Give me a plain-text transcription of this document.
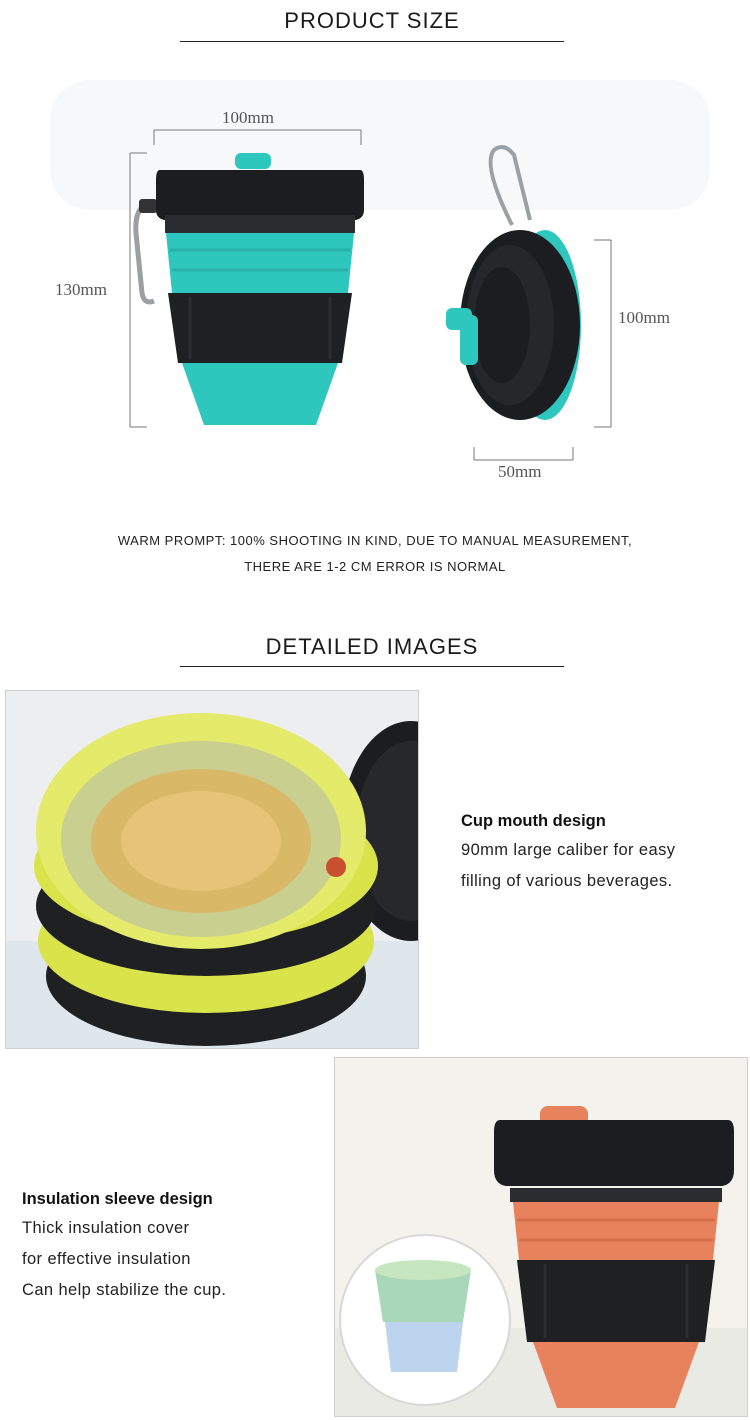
PRODUCT SIZE
100mm
130mm
100mm
50mm
WARM PROMPT: 100% SHOOTING IN KIND, DUE TO MANUAL MEASUREMENT,
THERE ARE 1-2 CM ERROR IS NORMAL
DETAILED IMAGES
Cup mouth design
90mm large caliber for easy
filling of various beverages.
Insulation sleeve design
Thick insulation cover
for effective insulation
Can help stabilize the cup.
